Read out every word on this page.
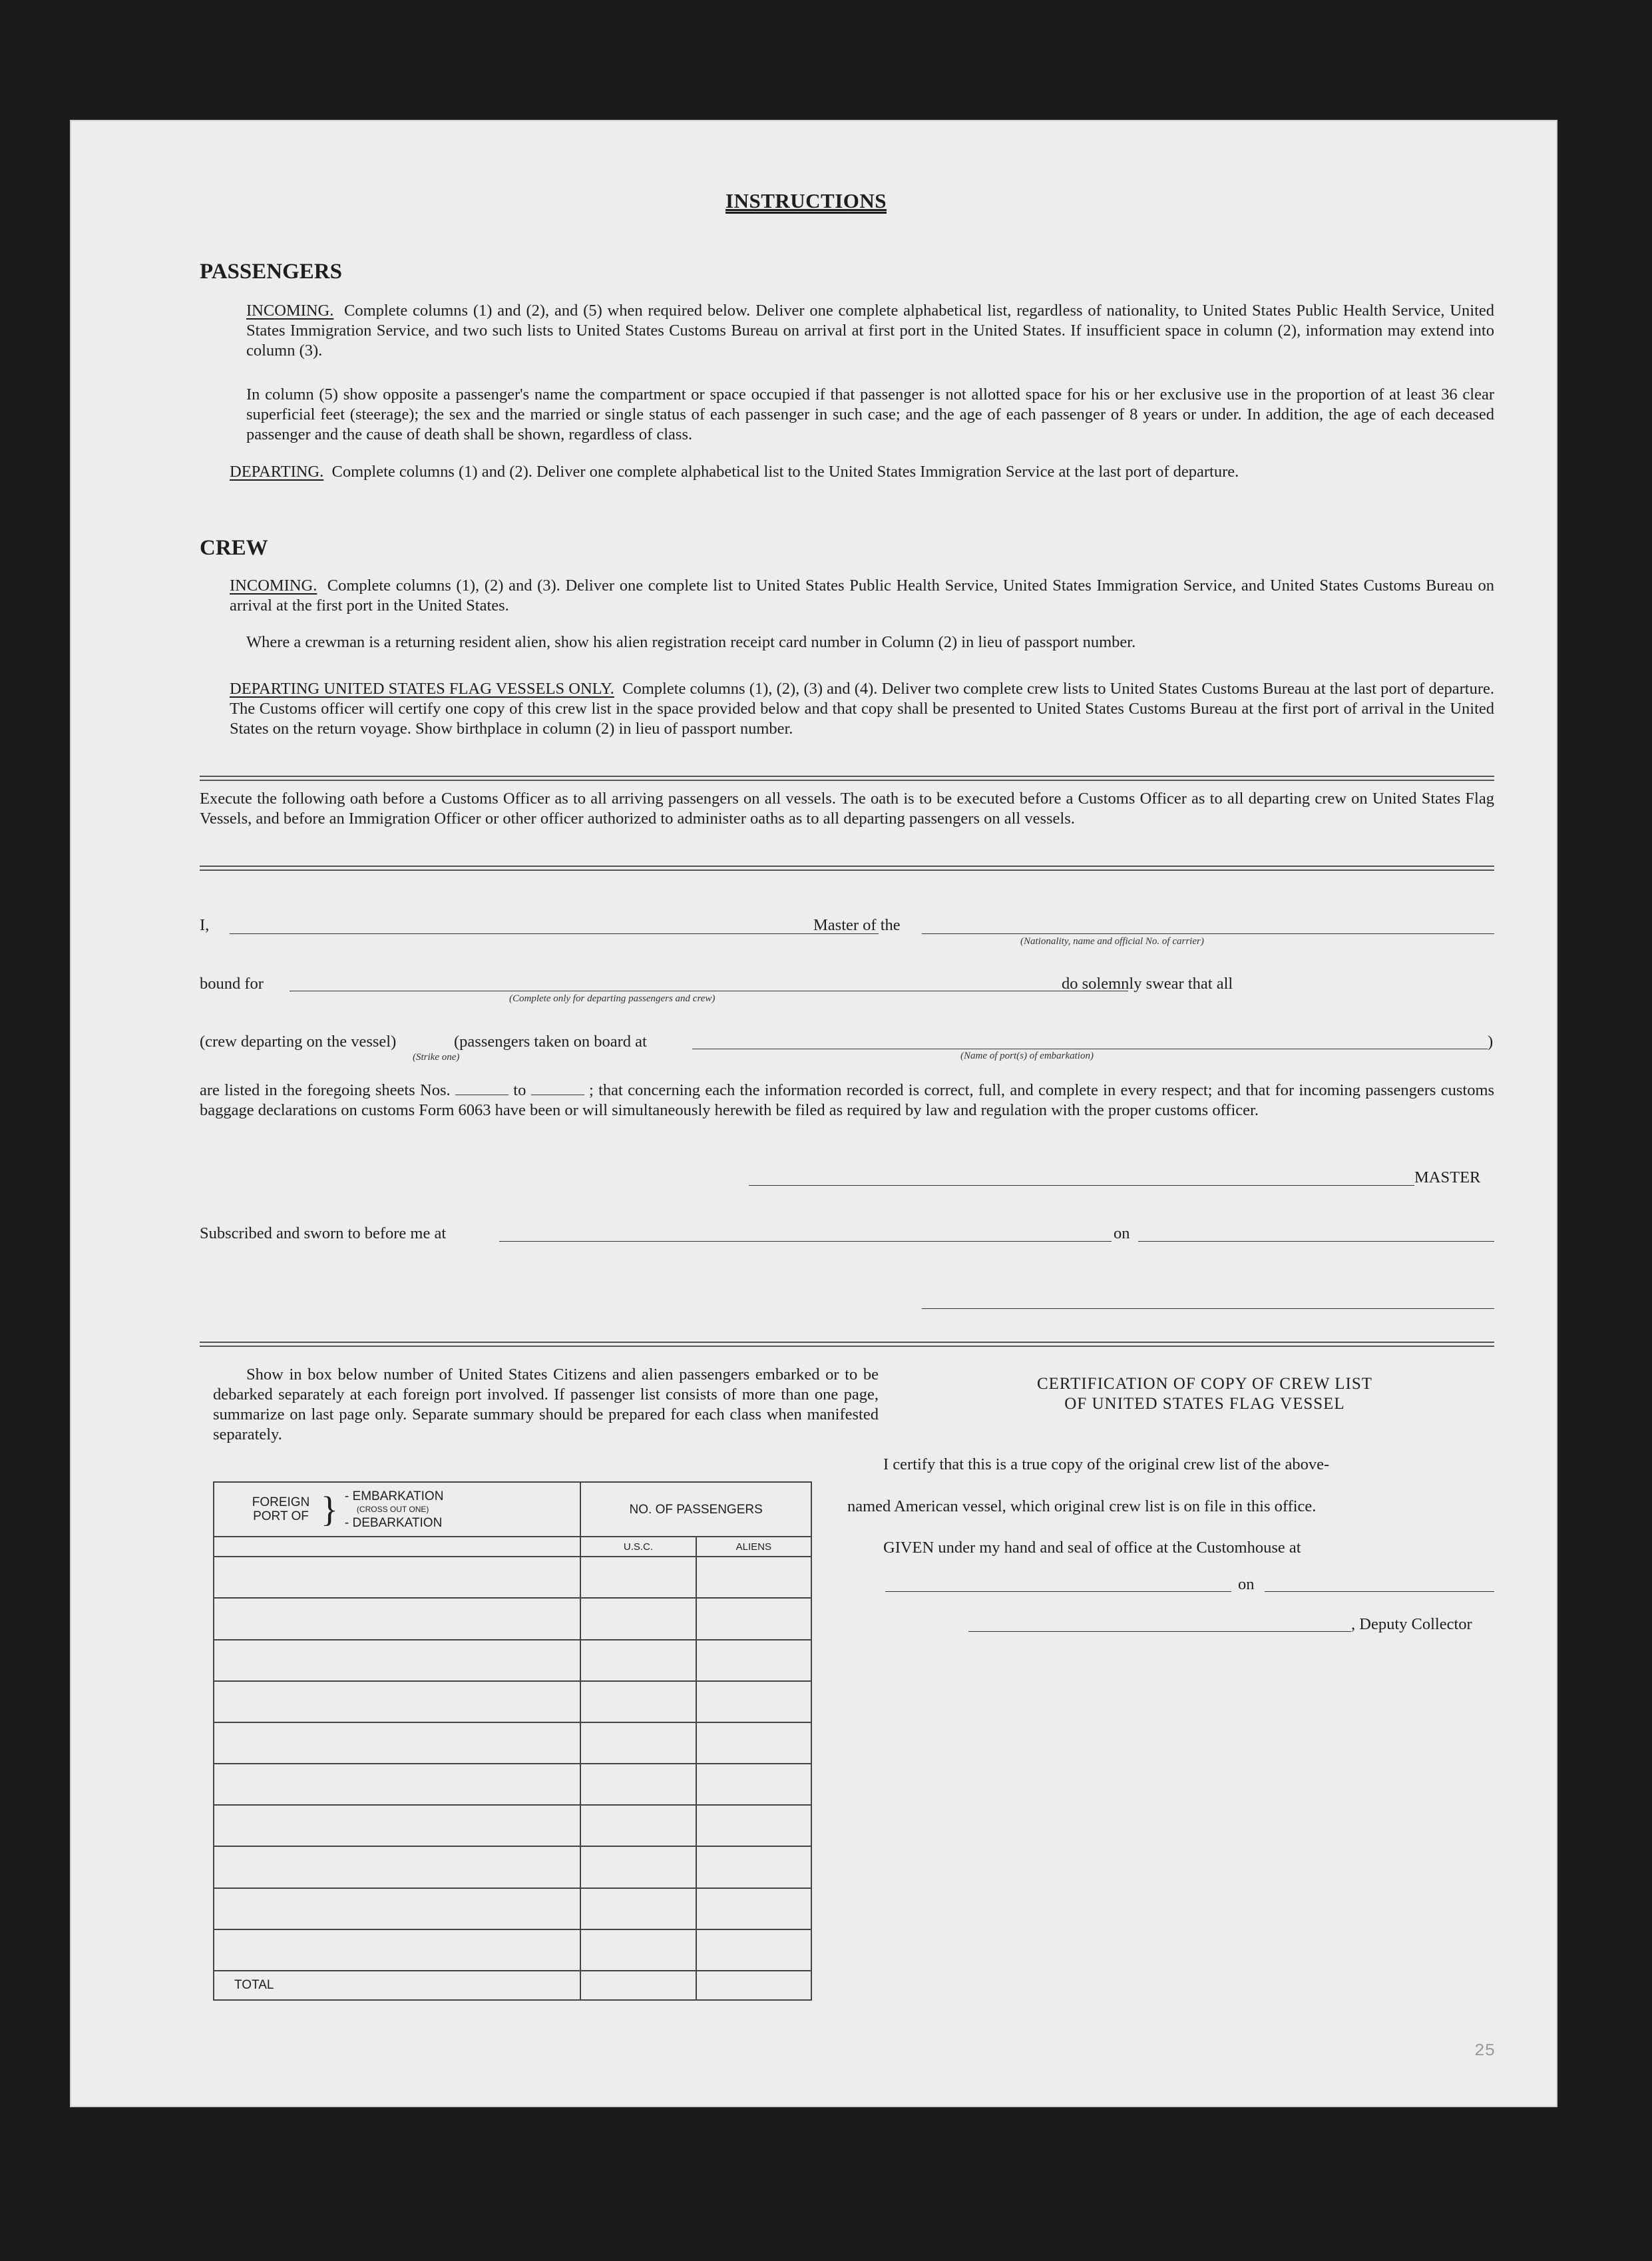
INSTRUCTIONS
PASSENGERS
INCOMING. Complete columns (1) and (2), and (5) when required below. Deliver one complete alphabetical list, regardless of nationality, to United States Public Health Service, United States Immigration Service, and two such lists to United States Customs Bureau on arrival at first port in the United States. If insufficient space in column (2), information may extend into column (3).
In column (5) show opposite a passenger's name the compartment or space occupied if that passenger is not allotted space for his or her exclusive use in the proportion of at least 36 clear superficial feet (steerage); the sex and the married or single status of each passenger in such case; and the age of each passenger of 8 years or under. In addition, the age of each deceased passenger and the cause of death shall be shown, regardless of class.
DEPARTING. Complete columns (1) and (2). Deliver one complete alphabetical list to the United States Immigration Service at the last port of departure.
CREW
INCOMING. Complete columns (1), (2) and (3). Deliver one complete list to United States Public Health Service, United States Immigration Service, and United States Customs Bureau on arrival at the first port in the United States.
Where a crewman is a returning resident alien, show his alien registration receipt card number in Column (2) in lieu of passport number.
DEPARTING UNITED STATES FLAG VESSELS ONLY. Complete columns (1), (2), (3) and (4). Deliver two complete crew lists to United States Customs Bureau at the last port of departure. The Customs officer will certify one copy of this crew list in the space provided below and that copy shall be presented to United States Customs Bureau at the first port of arrival in the United States on the return voyage. Show birthplace in column (2) in lieu of passport number.
Execute the following oath before a Customs Officer as to all arriving passengers on all vessels. The oath is to be executed before a Customs Officer as to all departing crew on United States Flag Vessels, and before an Immigration Officer or other officer authorized to administer oaths as to all departing passengers on all vessels.
I,	Master of the
(Nationality, name and official No. of carrier)
bound for
(Complete only for departing passengers and crew)
do solemnly swear that all
(crew departing on the vessel)
(Strike one)
(passengers taken on board at	)
(Name of port(s) of embarkation)
are listed in the foregoing sheets Nos.	to	; that concerning each the information recorded is correct, full, and complete in every respect; and that for incoming passengers customs baggage declarations on customs Form 6063 have been or will simultaneously herewith be filed as required by law and regulation with the proper customs officer.
MASTER
Subscribed and sworn to before me at	on
Show in box below number of United States Citizens and alien passengers embarked or to be debarked separately at each foreign port involved. If passenger list consists of more than one page, summarize on last page only. Separate summary should be prepared for each class when manifested separately.
FOREIGN PORT OF } - EMBARKATION
(CROSS OUT ONE)
- DEBARKATION	NO. OF PASSENGERS	

	U.S.C.	ALIENS

TOTAL		
CERTIFICATION OF COPY OF CREW LIST
OF UNITED STATES FLAG VESSEL
I certify that this is a true copy of the original crew list of the above-
named American vessel, which original crew list is on file in this office.
GIVEN under my hand and seal of office at the Customhouse at
on
, Deputy Collector
25
